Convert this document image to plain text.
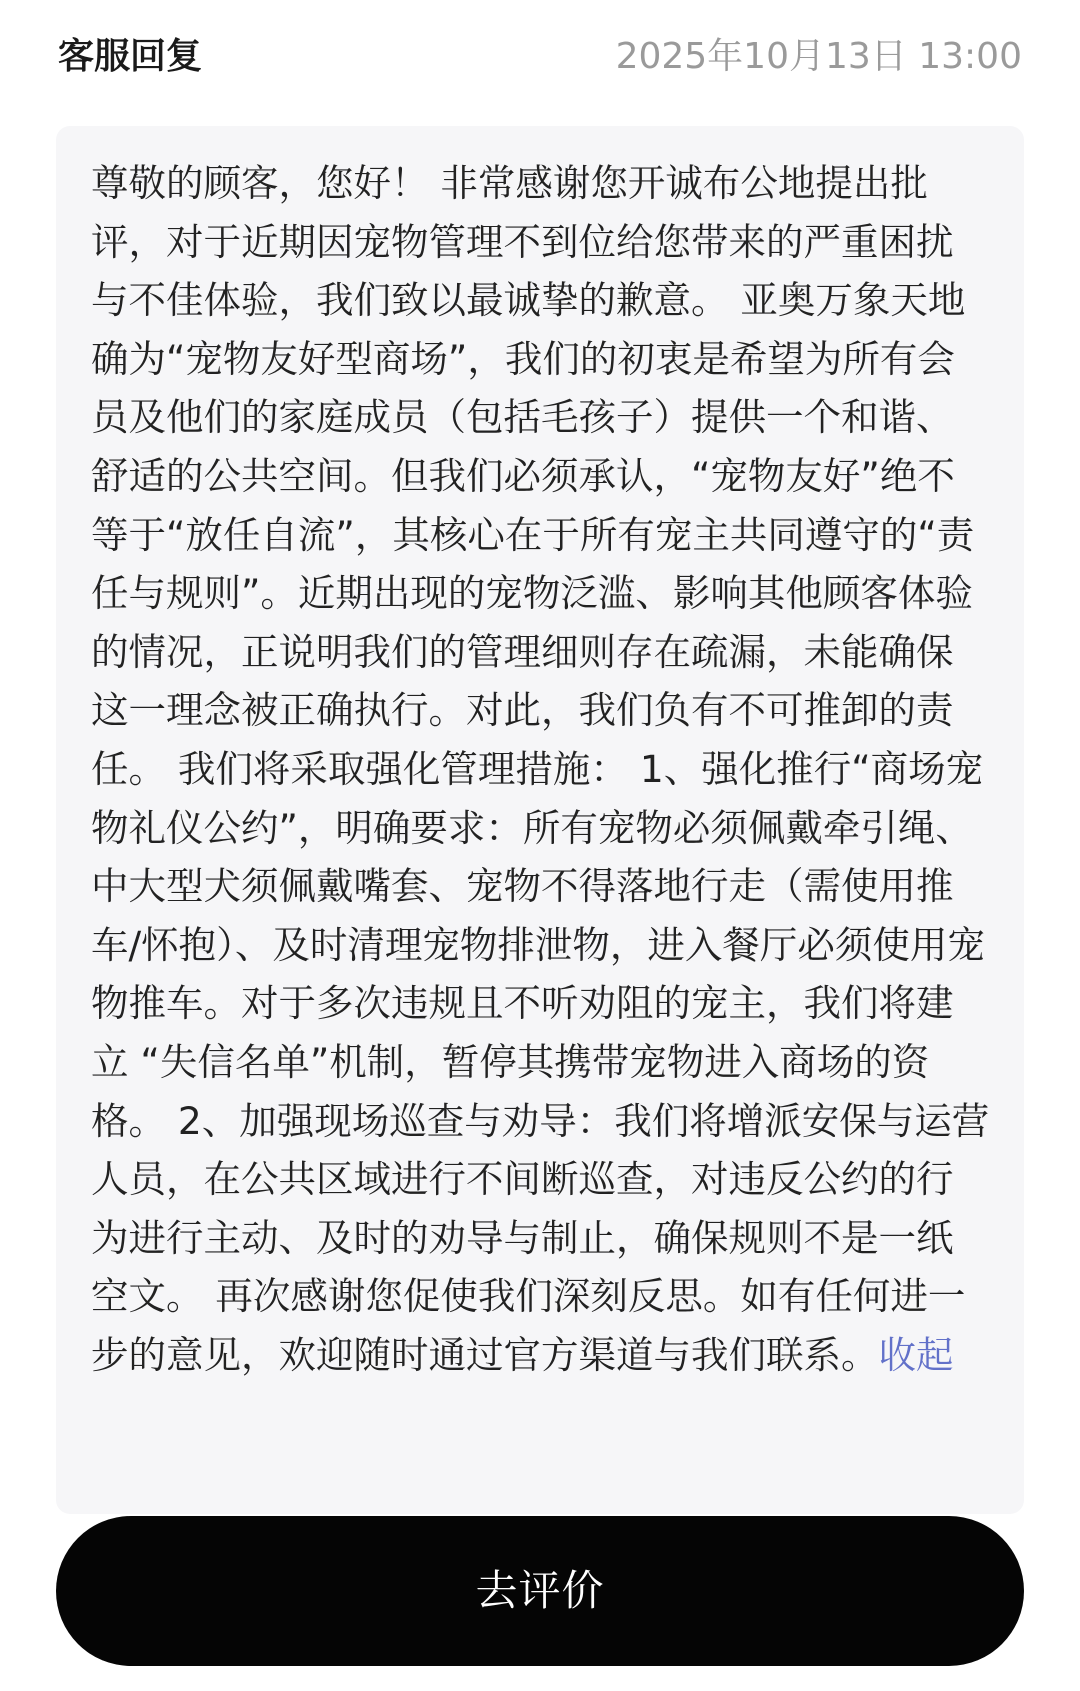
客服回复	2025年10月13日 13:00

尊敬的顾客，您好！ 非常感谢您开诚布公地提出批评，对于近期因宠物管理不到位给您带来的严重困扰与不佳体验，我们致以最诚挚的歉意。 亚奥万象天地确为“宠物友好型商场”，我们的初衷是希望为所有会员及他们的家庭成员（包括毛孩子）提供一个和谐、舒适的公共空间。但我们必须承认，“宠物友好”绝不等于“放任自流”，其核心在于所有宠主共同遵守的“责任与规则”。近期出现的宠物泛滥、影响其他顾客体验的情况，正说明我们的管理细则存在疏漏，未能确保这一理念被正确执行。对此，我们负有不可推卸的责任。 我们将采取强化管理措施： 1、强化推行“商场宠物礼仪公约”，明确要求：所有宠物必须佩戴牵引绳、中大型犬须佩戴嘴套、宠物不得落地行走（需使用推车/怀抱）、及时清理宠物排泄物，进入餐厅必须使用宠物推车。对于多次违规且不听劝阻的宠主，我们将建立 “失信名单”机制，暂停其携带宠物进入商场的资格。 2、加强现场巡查与劝导：我们将增派安保与运营人员，在公共区域进行不间断巡查，对违反公约的行为进行主动、及时的劝导与制止，确保规则不是一纸空文。 再次感谢您促使我们深刻反思。如有任何进一步的意见，欢迎随时通过官方渠道与我们联系。收起

去评价
